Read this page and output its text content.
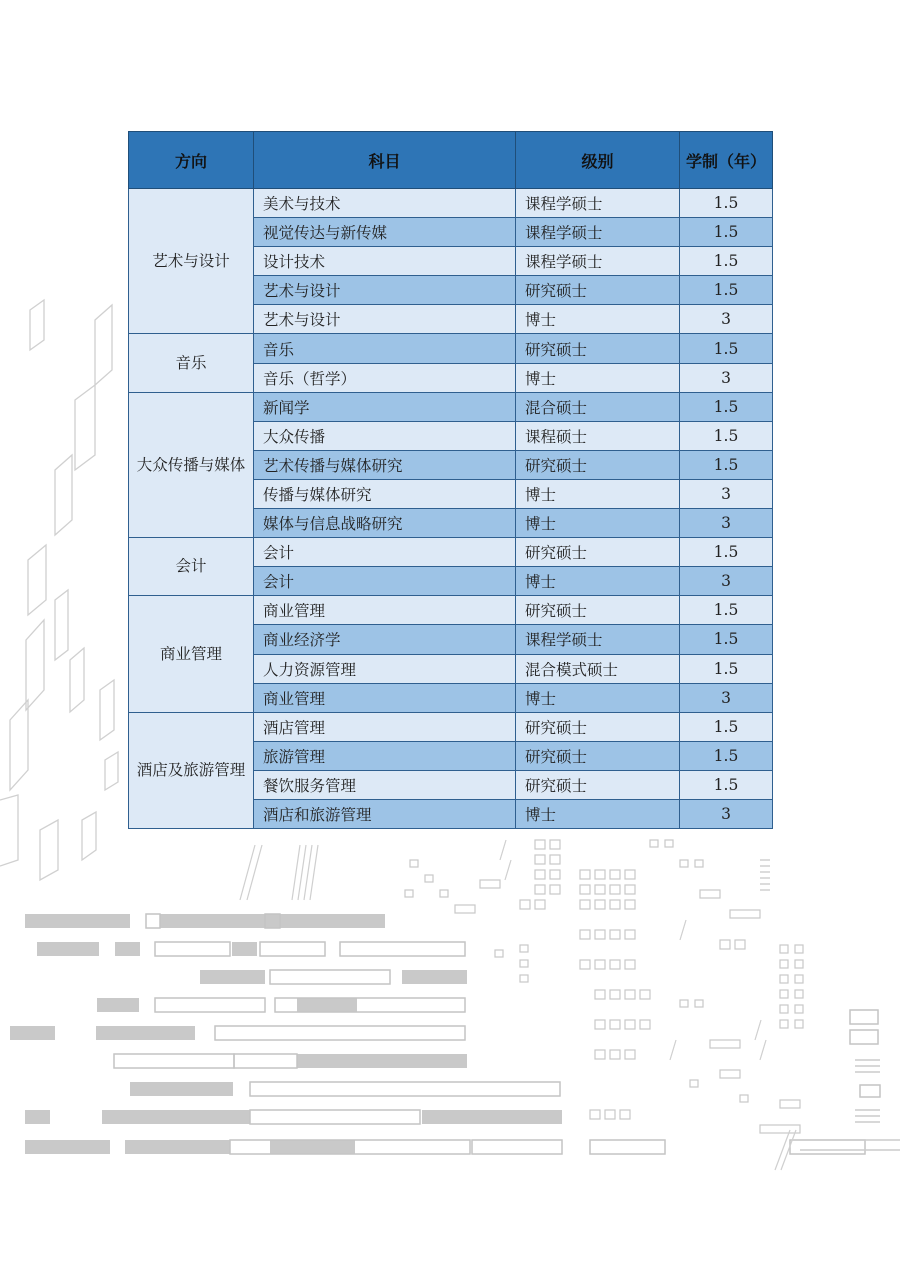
方向	科目	级别	学制（年）
艺术与设计	美术与技术	课程学硕士	1.5
	视觉传达与新传媒	课程学硕士	1.5
	设计技术	课程学硕士	1.5
	艺术与设计	研究硕士	1.5
	艺术与设计	博士	3
音乐	音乐	研究硕士	1.5
	音乐（哲学）	博士	3
大众传播与媒体	新闻学	混合硕士	1.5
	大众传播	课程硕士	1.5
	艺术传播与媒体研究	研究硕士	1.5
	传播与媒体研究	博士	3
	媒体与信息战略研究	博士	3
会计	会计	研究硕士	1.5
	会计	博士	3
商业管理	商业管理	研究硕士	1.5
	商业经济学	课程学硕士	1.5
	人力资源管理	混合模式硕士	1.5
	商业管理	博士	3
酒店及旅游管理	酒店管理	研究硕士	1.5
	旅游管理	研究硕士	1.5
	餐饮服务管理	研究硕士	1.5
	酒店和旅游管理	博士	3
